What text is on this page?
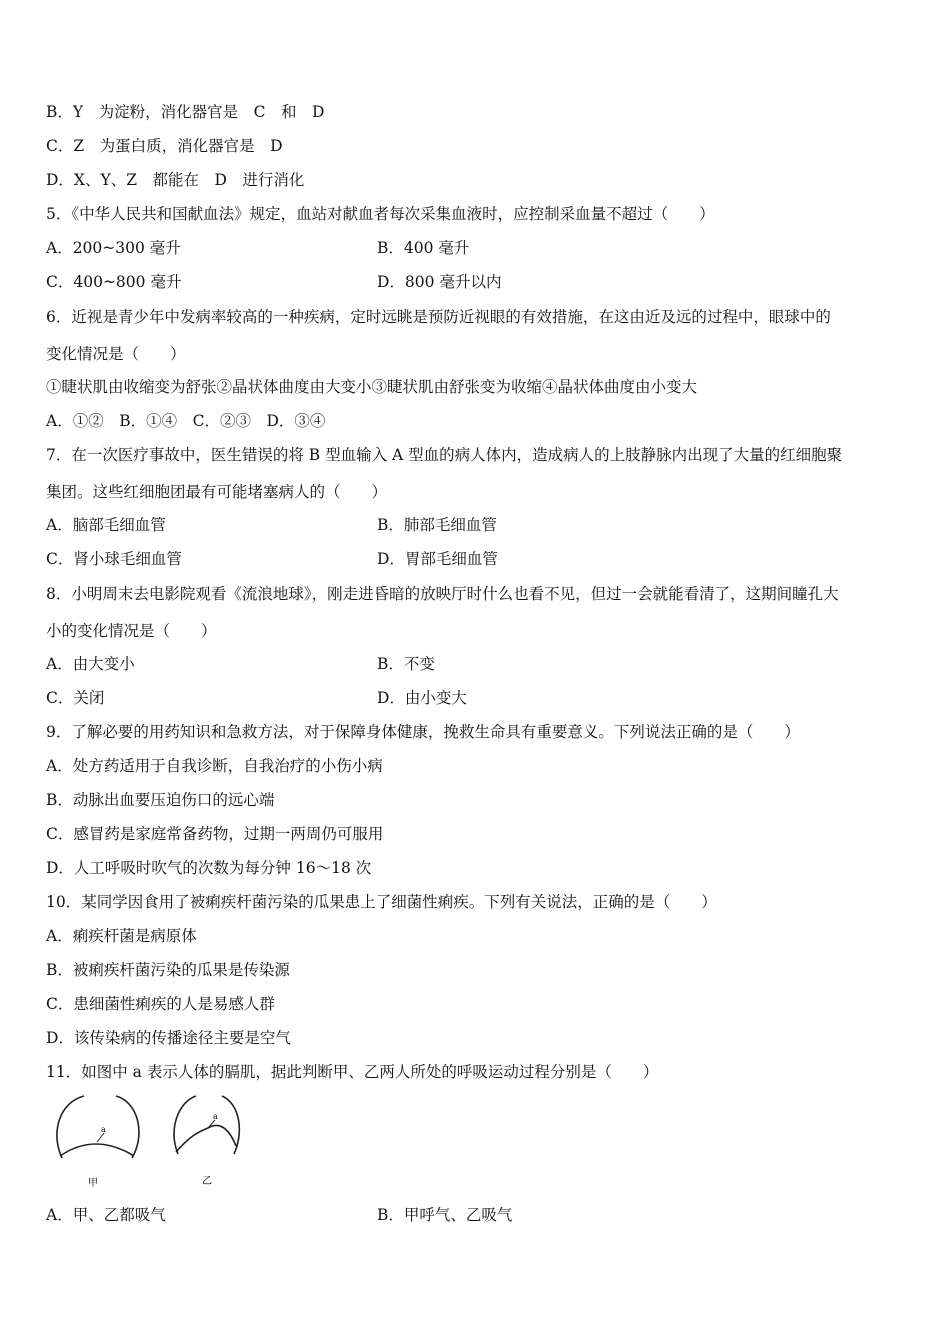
B．Y　为淀粉，消化器官是　C　和　D
C．Z　为蛋白质，消化器官是　D
D．X、Y、Z　都能在　D　进行消化
5．《中华人民共和国献血法》规定，血站对献血者每次采集血液时，应控制采血量不超过（　　）
A．200~300 毫升	B．400 毫升
C．400~800 毫升	D．800 毫升以内
6．近视是青少年中发病率较高的一种疾病，定时远眺是预防近视眼的有效措施，在这由近及远的过程中，眼球中的
变化情况是（　　）
①睫状肌由收缩变为舒张②晶状体曲度由大变小③睫状肌由舒张变为收缩④晶状体曲度由小变大
A．①②　B．①④　C．②③　D．③④
7．在一次医疗事故中，医生错误的将 B 型血输入 A 型血的病人体内，造成病人的上肢静脉内出现了大量的红细胞聚
集团。这些红细胞团最有可能堵塞病人的（　　）
A．脑部毛细血管	B．肺部毛细血管
C．肾小球毛细血管	D．胃部毛细血管
8．小明周末去电影院观看《流浪地球》，刚走进昏暗的放映厅时什么也看不见，但过一会就能看清了，这期间瞳孔大
小的变化情况是（　　）
A．由大变小	B．不变
C．关闭	D．由小变大
9．了解必要的用药知识和急救方法，对于保障身体健康，挽救生命具有重要意义。下列说法正确的是（　　）
A．处方药适用于自我诊断，自我治疗的小伤小病
B．动脉出血要压迫伤口的远心端
C．感冒药是家庭常备药物，过期一两周仍可服用
D．人工呼吸时吹气的次数为每分钟 16～18 次
10．某同学因食用了被痢疾杆菌污染的瓜果患上了细菌性痢疾。下列有关说法，正确的是（　　）
A．痢疾杆菌是病原体
B．被痢疾杆菌污染的瓜果是传染源
C．患细菌性痢疾的人是易感人群
D．该传染病的传播途径主要是空气
11．如图中 a 表示人体的膈肌，据此判断甲、乙两人所处的呼吸运动过程分别是（　　）
a
甲
a
乙
A．甲、乙都吸气	B．甲呼气、乙吸气
